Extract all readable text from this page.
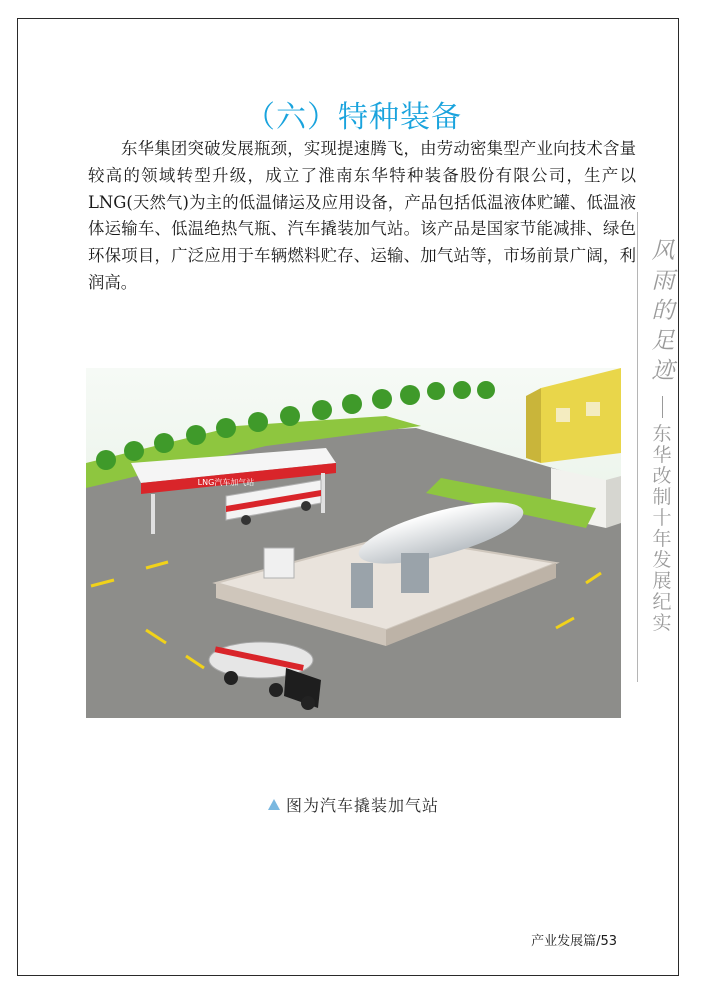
（六）特种装备

东华集团突破发展瓶颈，实现提速腾飞，由劳动密集型产业向技术含量较高的领域转型升级，成立了淮南东华特种装备股份有限公司，生产以LNG(天然气)为主的低温储运及应用设备，产品包括低温液体贮罐、低温液体运输车、低温绝热气瓶、汽车撬装加气站。该产品是国家节能减排、绿色环保项目，广泛应用于车辆燃料贮存、运输、加气站等，市场前景广阔，利润高。

风
雨
的
足
迹
东
华
改
制
十
年
发
展
纪
实
LNG汽车加气站
图为汽车撬装加气站
产业发展篇/53
